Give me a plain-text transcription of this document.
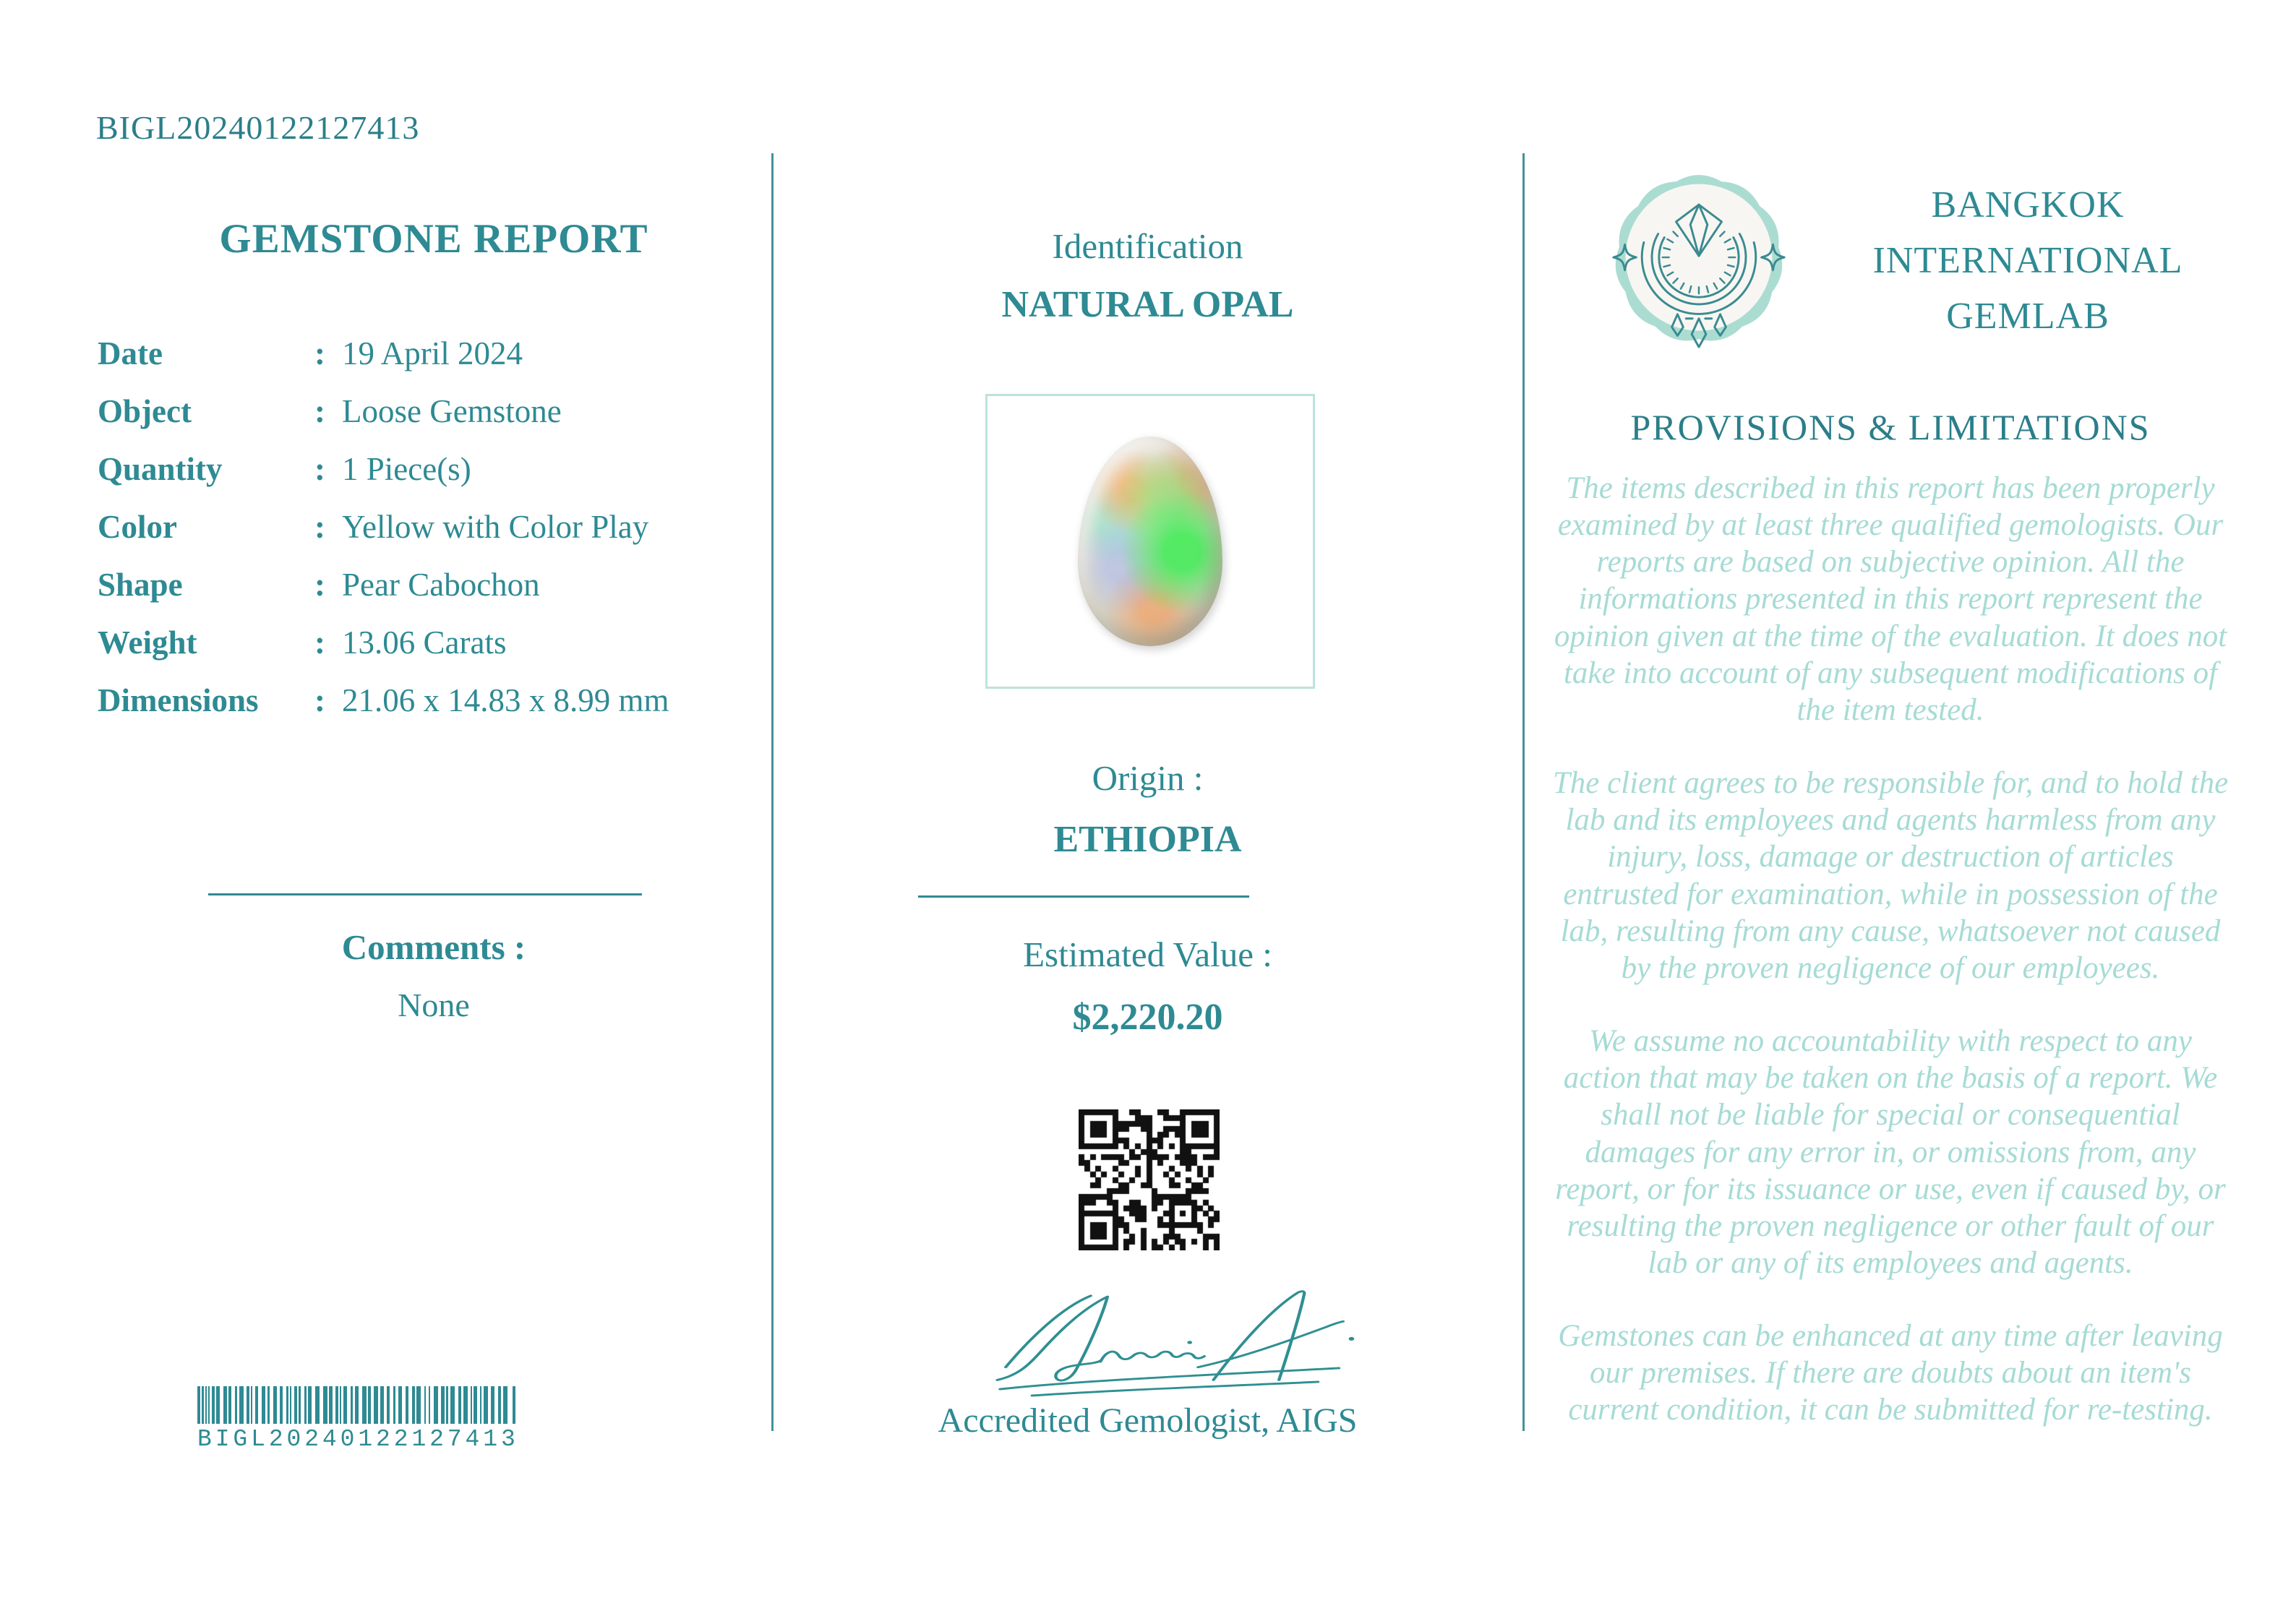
BIGL20240122127413
GEMSTONE REPORT
Date	: 19 April 2024
Object	: Loose Gemstone
Quantity	: 1 Piece(s)
Color	: Yellow with Color Play
Shape	: Pear Cabochon
Weight	: 13.06 Carats
Dimensions	: 21.06 x 14.83 x 8.99 mm
Comments :
None
B I G L 2 0 2 4 0 1 2 2 1 2 7 4 1 3
Identification
NATURAL OPAL
Origin :
ETHIOPIA
Estimated Value :
$2,220.20
Accredited Gemologist, AIGS
BANGKOK
INTERNATIONAL
GEMLAB
PROVISIONS & LIMITATIONS

The items described in this report has been properly examined by at least three qualified gemologists. Our reports are based on subjective opinion. All the informations presented in this report represent the opinion given at the time of the evaluation. It does not take into account of any subsequent modifications of the item tested.

The client agrees to be responsible for, and to hold the lab and its employees and agents harmless from any injury, loss, damage or destruction of articles entrusted for examination, while in possession of the lab, resulting from any cause, whatsoever not caused by the proven negligence of our employees.

We assume no accountability with respect to any action that may be taken on the basis of a report. We shall not be liable for special or consequential damages for any error in, or omissions from, any report, or for its issuance or use, even if caused by, or resulting the proven negligence or other fault of our lab or any of its employees and agents.

Gemstones can be enhanced at any time after leaving our premises. If there are doubts about an item's current condition, it can be submitted for re-testing.
